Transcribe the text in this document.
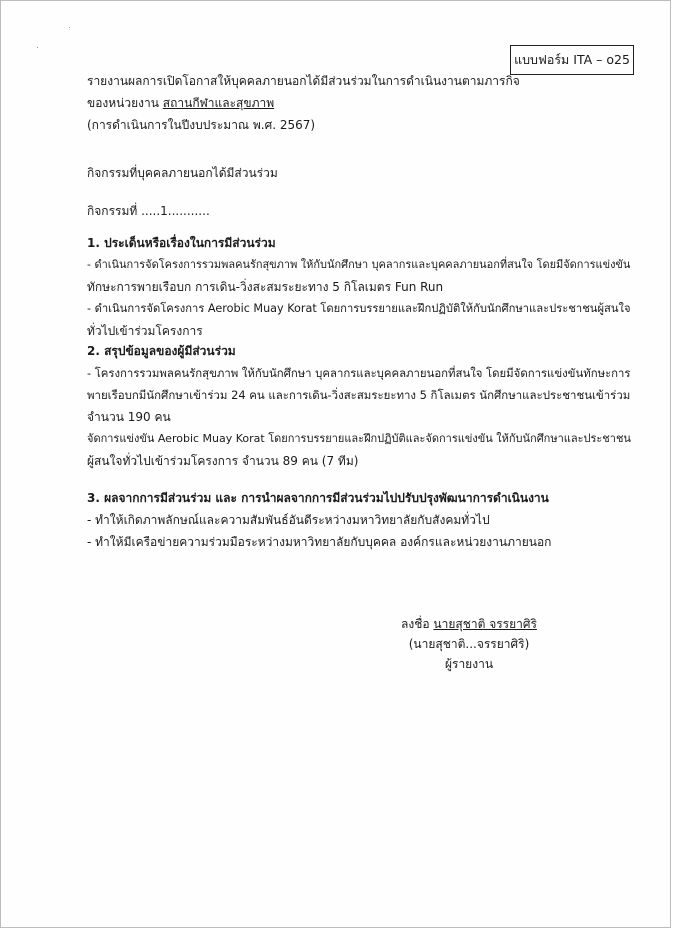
แบบฟอร์ม ITA – o25
รายงานผลการเปิดโอกาสให้บุคคลภายนอกได้มีส่วนร่วมในการดำเนินงานตามภารกิจ
ของหน่วยงาน สถานกีฬาและสุขภาพ
(การดำเนินการในปีงบประมาณ พ.ศ. 2567)
กิจกรรมที่บุคคลภายนอกได้มีส่วนร่วม
กิจกรรมที่ .....1...........
1. ประเด็นหรือเรื่องในการมีส่วนร่วม
- ดำเนินการจัดโครงการรวมพลคนรักสุขภาพ ให้กับนักศึกษา บุคลากรและบุคคลภายนอกที่สนใจ โดยมีจัดการแข่งขัน
ทักษะการพายเรือบก การเดิน-วิ่งสะสมระยะทาง 5 กิโลเมตร Fun Run
- ดำเนินการจัดโครงการ Aerobic Muay Korat โดยการบรรยายและฝึกปฏิบัติให้กับนักศึกษาและประชาชนผู้สนใจ
ทั่วไปเข้าร่วมโครงการ
2. สรุปข้อมูลของผู้มีส่วนร่วม
- โครงการรวมพลคนรักสุขภาพ ให้กับนักศึกษา บุคลากรและบุคคลภายนอกที่สนใจ โดยมีจัดการแข่งขันทักษะการ
พายเรือบกมีนักศึกษาเข้าร่วม 24 คน และการเดิน-วิ่งสะสมระยะทาง 5 กิโลเมตร นักศึกษาและประชาชนเข้าร่วม
จำนวน 190 คน
จัดการแข่งขัน Aerobic Muay Korat โดยการบรรยายและฝึกปฏิบัติและจัดการแข่งขัน ให้กับนักศึกษาและประชาชน
ผู้สนใจทั่วไปเข้าร่วมโครงการ จำนวน 89 คน (7 ทีม)
3. ผลจากการมีส่วนร่วม และ การนำผลจากการมีส่วนร่วมไปปรับปรุงพัฒนาการดำเนินงาน
- ทำให้เกิดภาพลักษณ์และความสัมพันธ์อันดีระหว่างมหาวิทยาลัยกับสังคมทั่วไป
- ทำให้มีเครือข่ายความร่วมมือระหว่างมหาวิทยาลัยกับบุคคล องค์กรและหน่วยงานภายนอก
ลงชื่อ นายสุชาติ จรรยาศิริ
(นายสุชาติ...จรรยาศิริ)
ผู้รายงาน
